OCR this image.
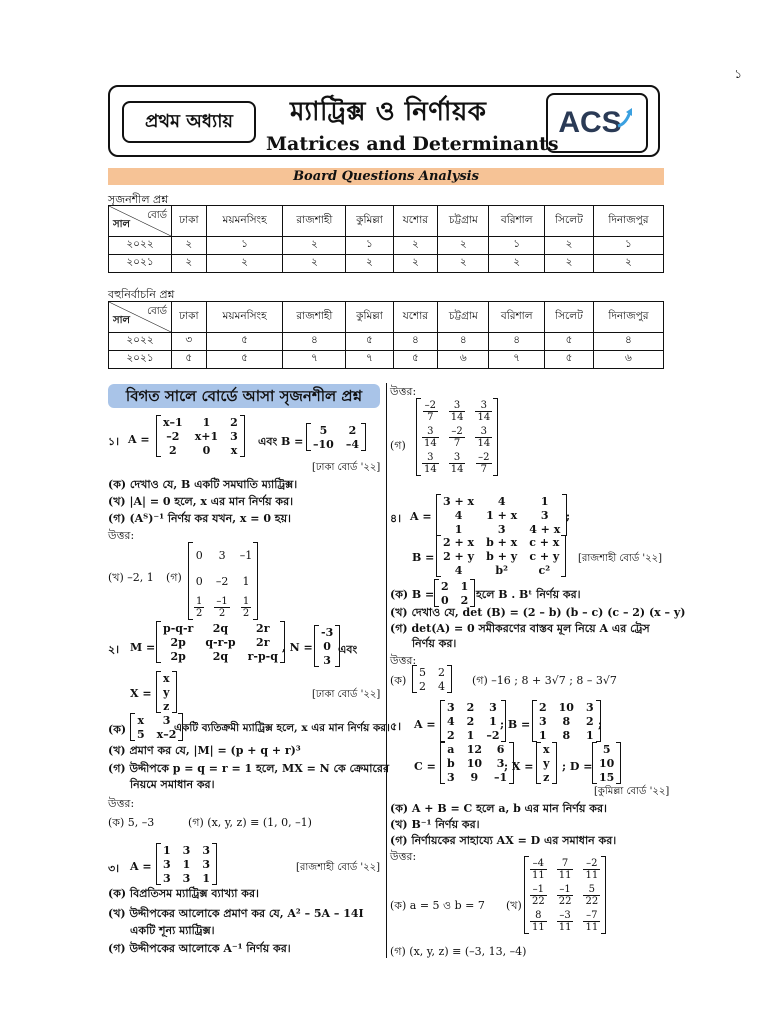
১
প্রথম অধ্যায়	ম্যাট্রিক্স ও নির্ণায়ক
Matrices and Determinants
ACS
Board Questions Analysis
সৃজনশীল প্রশ্ন
বোর্ড
সাল	ঢাকা	ময়মনসিংহ	রাজশাহী	কুমিল্লা	যশোর	চট্টগ্রাম	বরিশাল	সিলেট	দিনাজপুর
২০২২	২	১	২	১	২	২	১	২	১
২০২১	২	২	২	২	২	২	২	২	২
বহুনির্বাচনি প্রশ্ন
বোর্ড
সাল	ঢাকা	ময়মনসিংহ	রাজশাহী	কুমিল্লা	যশোর	চট্টগ্রাম	বরিশাল	সিলেট	দিনাজপুর
২০২২	৩	৫	৪	৫	৪	৪	৪	৫	৪
২০২১	৫	৫	৭	৭	৫	৬	৭	৫	৬
বিগত সালে বোর্ডে আসা সৃজনশীল প্রশ্ন
১। A =
x–1	1	2
–2	x+1	3
2	0	x
এবং B =
5	2
–10	–4
[ঢাকা বোর্ড '২২]
(ক) দেখাও যে, B একটি সমঘাতি ম্যাট্রিক্স।
(খ) |A| = 0 হলে, x এর মান নির্ণয় কর।
(গ) (Aᵀ)⁻¹ নির্ণয় কর যখন, x = 0 হয়।
উত্তর:
(খ) –2, 1 (গ)
0	3	–1
0	–2	1

$\frac{1}{2}$	$\frac{-1}{2}$	$\frac{1}{2}$
২। M =
p-q-r	2q	2r
2p	q-r-p	2r
2p	2q	r-p-q
, N =
-3
0
3
এবং
X =
x
y
z
[ঢাকা বোর্ড '২২]
(ক)
x	3
5	x–2
একটি ব্যতিক্রমী ম্যাট্রিক্স হলে, x এর মান নির্ণয় কর।
(খ) প্রমাণ কর যে, |M| = (p + q + r)³
(গ) উদ্দীপকে p = q = r = 1 হলে, MX = N কে ক্রেমারের
নিয়মে সমাধান কর।
উত্তর:
(ক) 5, –3	(গ) (x, y, z) ≡ (1, 0, –1)
৩। A =
1	3	3
3	1	3
3	3	1
[রাজশাহী বোর্ড '২২]
(ক) বিপ্রতিসম ম্যাট্রিক্স ব্যাখ্যা কর।
(খ) উদ্দীপকের আলোকে প্রমাণ কর যে, A² – 5A – 14I
একটি শূন্য ম্যাট্রিক্স।
(গ) উদ্দীপকের আলোকে A⁻¹ নির্ণয় কর।
উত্তর:
(গ)
$\frac{-2}{7}$	$\frac{3}{14}$	$\frac{3}{14}$

$\frac{3}{14}$	$\frac{-2}{7}$	$\frac{3}{14}$

$\frac{3}{14}$	$\frac{3}{14}$	$\frac{-2}{7}$
৪। A =
3 + x	4	1
4	1 + x	3
1	3	4 + x
;
B =
2 + x	b + x	c + x
2 + y	b + y	c + y
4	b²	c²
[রাজশাহী বোর্ড '২২]
(ক) B =
2	1
0	2 হলে B . Bᵗ নির্ণয় কর।
(খ) দেখাও যে, det (B) = (2 – b) (b – c) (c – 2) (x – y)
(গ) det(A) = 0 সমীকরণের বাস্তব মূল নিয়ে A এর ট্রেস
নির্ণয় কর।
উত্তর:
(ক)
5	2
2	4 (গ) –16 ; 8 + 3√7 ; 8 – 3√7
৫। A =
3	2	3
4	2	1
2	1	–2
; B =
2	10	3
3	8	2
1	8	1
;
C =
a	12	6
b	10	3
3	9	–1
; X =
x
y
z
; D =
5
10
15
[কুমিল্লা বোর্ড '২২]
(ক) A + B = C হলে a, b এর মান নির্ণয় কর।
(খ) B⁻¹ নির্ণয় কর।
(গ) নির্ণায়কের সাহায্যে AX = D এর সমাধান কর।
উত্তর:
(ক) a = 5 ও b = 7 (খ)
$\frac{-4}{11}$	$\frac{7}{11}$	$\frac{-2}{11}$

$\frac{-1}{22}$	$\frac{-1}{22}$	$\frac{5}{22}$

$\frac{8}{11}$	$\frac{-3}{11}$	$\frac{-7}{11}$
(গ) (x, y, z) ≡ (–3, 13, –4)
